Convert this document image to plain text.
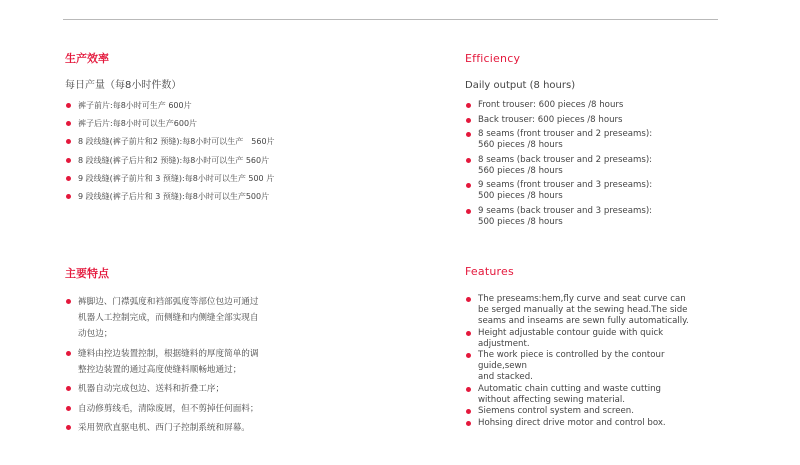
生产效率

每日产量（每8小时件数）

裤子前片:每8小时可生产 600片
裤子后片:每8小时可以生产600片
8 段线缝(裤子前片和2 预缝):每8小时可以生产　560片
8 段线缝(裤子后片和2 预缝):每8小时可以生产 560片
9 段线缝(裤子前片和 3 预缝):每8小时可以生产 500 片
9 段线缝(裤子后片和 3 预缝):每8小时可以生产500片
Efficiency

Daily output (8 hours)

Front trouser: 600 pieces /8 hours
Back trouser: 600 pieces /8 hours
8 seams (front trouser and 2 preseams):
560 pieces /8 hours
8 seams (back trouser and 2 preseams):
560 pieces /8 hours
9 seams (front trouser and 3 preseams):
500 pieces /8 hours
9 seams (back trouser and 3 preseams):
500 pieces /8 hours
主要特点
裤脚边、门襟弧度和裆部弧度等部位包边可通过
机器人工控制完成，而侧缝和内侧缝全部实现自
动包边；
缝料由控边装置控制，根据缝料的厚度简单的调
整控边装置的通过高度使缝料顺畅地通过；
机器自动完成包边、送料和折叠工序；
自动修剪线毛，清除废屑，但不剪掉任何面料；
采用贺欣直驱电机、西门子控制系统和屏幕。
Features
The preseams:hem,fly curve and seat curve can
be serged manually at the sewing head.The side
seams and inseams are sewn fully automatically.
Height adjustable contour guide with quick
adjustment.
The work piece is controlled by the contour
guide,sewn
and stacked.
Automatic chain cutting and waste cutting
without affecting sewing material.
Siemens control system and screen.
Hohsing direct drive motor and control box.
